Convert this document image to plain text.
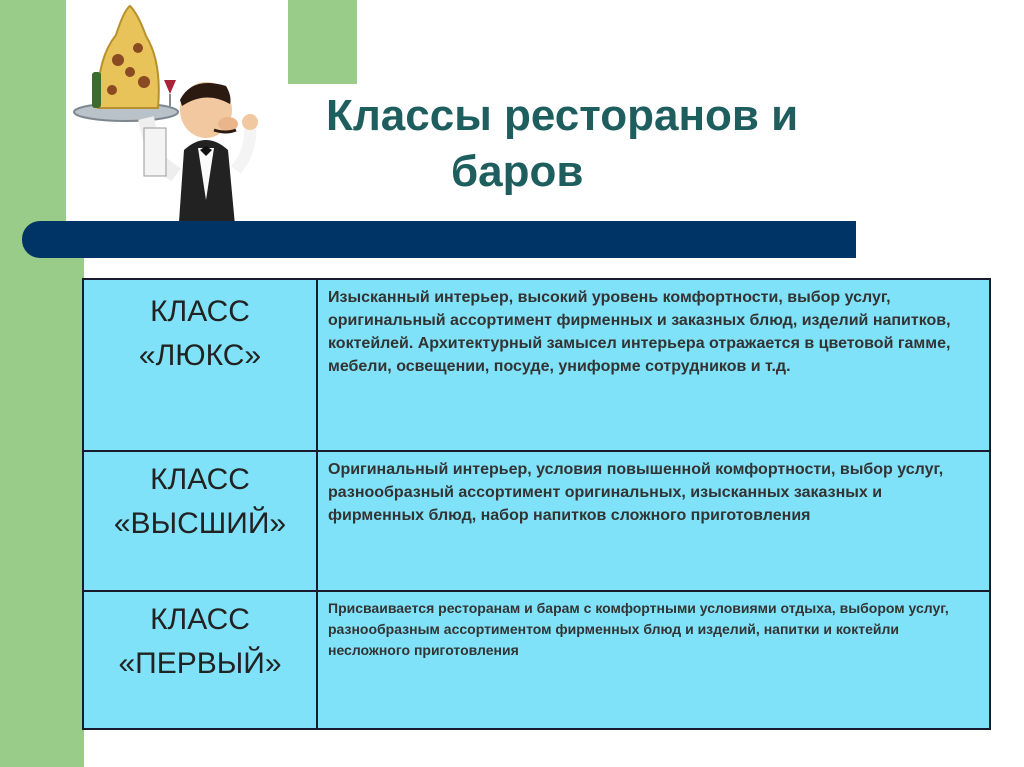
Классы ресторанов и
баров
КЛАСС
«ЛЮКС»
Изысканный интерьер, высокий уровень комфортности, выбор услуг, оригинальный ассортимент фирменных и заказных блюд, изделий напитков, коктейлей. Архитектурный замысел интерьера отражается в цветовой гамме, мебели, освещении, посуде, униформе сотрудников и т.д.
КЛАСС
«ВЫСШИЙ»
Оригинальный интерьер, условия повышенной комфортности, выбор услуг, разнообразный ассортимент оригинальных, изысканных заказных и фирменных блюд, набор напитков сложного приготовления
КЛАСС
«ПЕРВЫЙ»
Присваивается ресторанам и барам с комфортными условиями отдыха, выбором услуг, разнообразным ассортиментом фирменных блюд и изделий, напитки и коктейли несложного приготовления
